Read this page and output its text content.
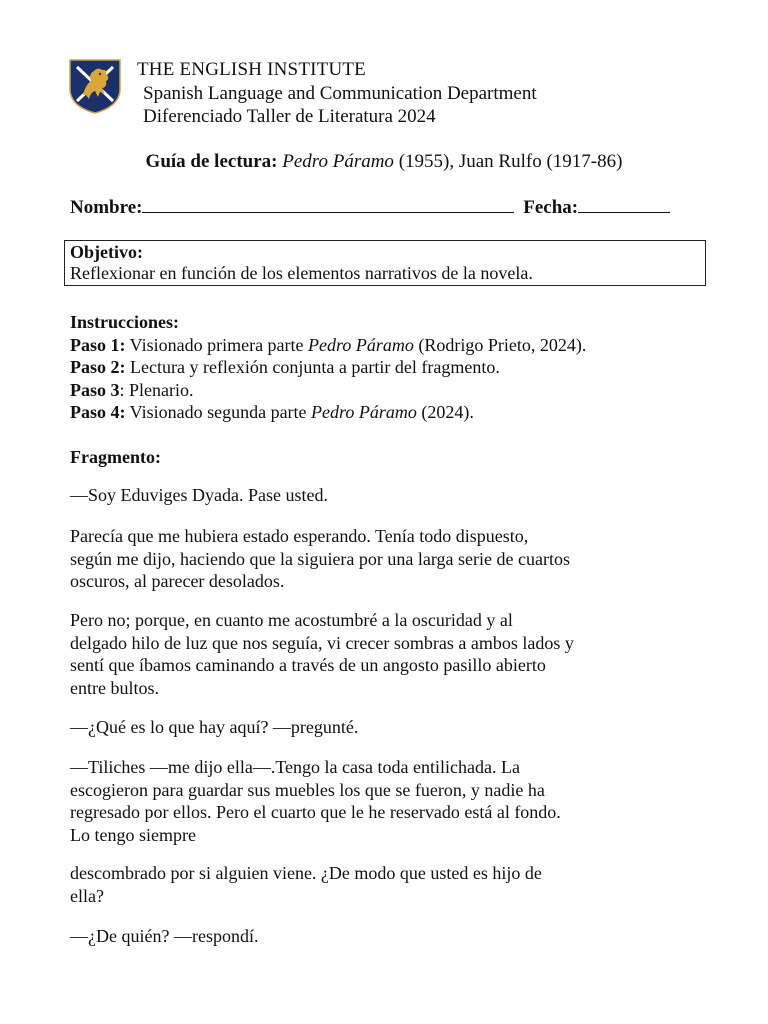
THE ENGLISH INSTITUTE
Spanish Language and Communication Department
Diferenciado Taller de Literatura 2024
Guía de lectura: Pedro Páramo (1955), Juan Rulfo (1917-86)
Nombre:	Fecha:
Objetivo:
Reflexionar en función de los elementos narrativos de la novela.
Instrucciones:
Paso 1: Visionado primera parte Pedro Páramo (Rodrigo Prieto, 2024).
Paso 2: Lectura y reflexión conjunta a partir del fragmento.
Paso 3: Plenario.
Paso 4: Visionado segunda parte Pedro Páramo (2024).
Fragmento:
—Soy Eduviges Dyada. Pase usted.
Parecía que me hubiera estado esperando. Tenía todo dispuesto,
según me dijo, haciendo que la siguiera por una larga serie de cuartos
oscuros, al parecer desolados.
Pero no; porque, en cuanto me acostumbré a la oscuridad y al
delgado hilo de luz que nos seguía, vi crecer sombras a ambos lados y
sentí que íbamos caminando a través de un angosto pasillo abierto
entre bultos.
—¿Qué es lo que hay aquí? —pregunté.
—Tiliches —me dijo ella—.Tengo la casa toda entilichada. La
escogieron para guardar sus muebles los que se fueron, y nadie ha
regresado por ellos. Pero el cuarto que le he reservado está al fondo.
Lo tengo siempre
descombrado por si alguien viene. ¿De modo que usted es hijo de
ella?
—¿De quién? —respondí.
